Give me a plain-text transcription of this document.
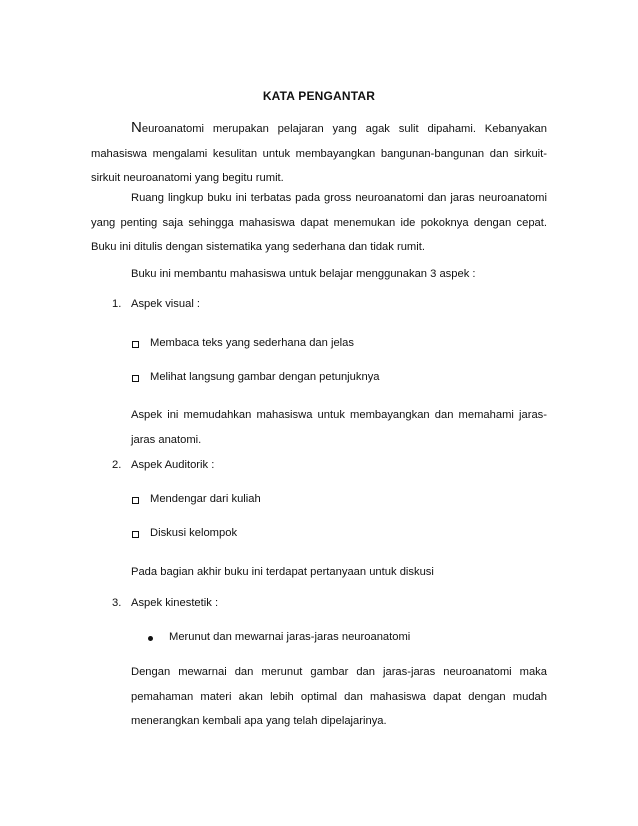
KATA PENGANTAR
Neuroanatomi merupakan pelajaran yang agak sulit dipahami. Kebanyakan mahasiswa mengalami kesulitan untuk membayangkan bangunan-bangunan dan sirkuit-sirkuit neuroanatomi yang begitu rumit.
Ruang lingkup buku ini terbatas pada gross neuroanatomi dan jaras neuroanatomi yang penting saja sehingga mahasiswa dapat menemukan ide pokoknya dengan cepat. Buku ini ditulis dengan sistematika yang sederhana dan tidak rumit.
Buku ini membantu mahasiswa untuk belajar menggunakan 3 aspek :
1. Aspek visual :
Membaca teks yang sederhana dan jelas
Melihat langsung gambar dengan petunjuknya
Aspek ini memudahkan mahasiswa untuk membayangkan dan memahami jaras-jaras anatomi.
2. Aspek Auditorik :
Mendengar dari kuliah
Diskusi kelompok
Pada bagian akhir buku ini terdapat pertanyaan untuk diskusi
3. Aspek kinestetik :
Merunut dan mewarnai jaras-jaras neuroanatomi
Dengan mewarnai dan merunut gambar dan jaras-jaras neuroanatomi maka pemahaman materi akan lebih optimal dan mahasiswa dapat dengan mudah menerangkan kembali apa yang telah dipelajarinya.
